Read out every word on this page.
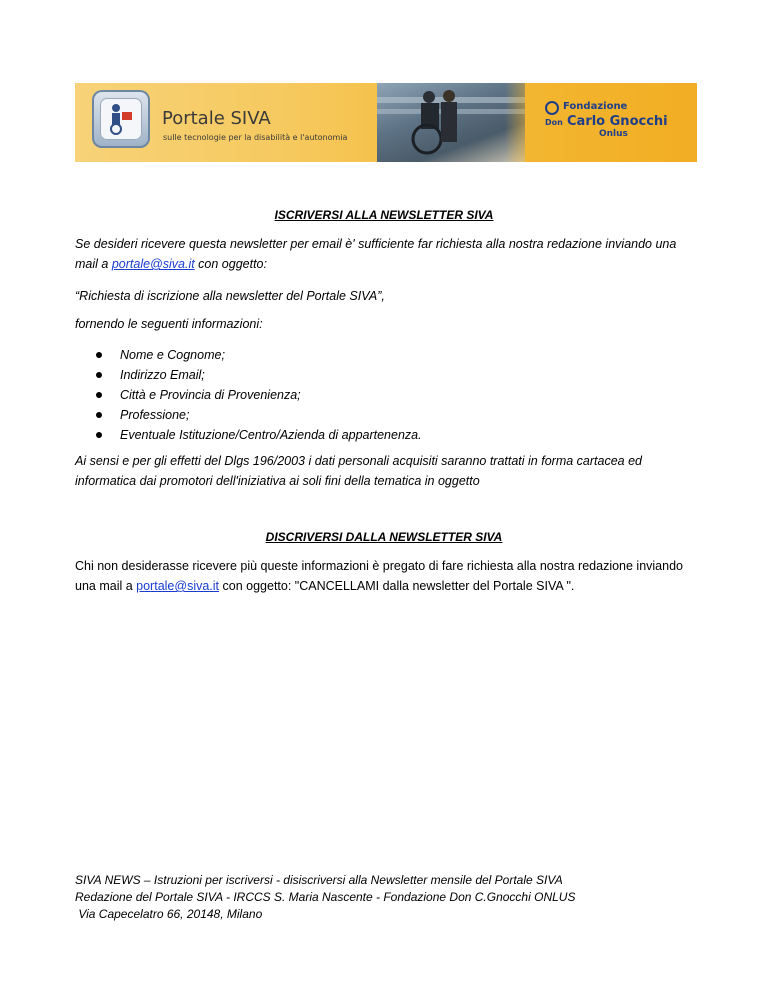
Portale SIVA
sulle tecnologie per la disabilità e l'autonomia
Fondazione
Don Carlo Gnocchi
Onlus
ISCRIVERSI ALLA NEWSLETTER SIVA
Se desideri ricevere questa newsletter per email è' sufficiente far richiesta alla nostra redazione inviando una mail a portale@siva.it con oggetto:
“Richiesta di iscrizione alla newsletter del Portale SIVA”,
fornendo le seguenti informazioni:
Nome e Cognome;
Indirizzo Email;
Città e Provincia di Provenienza;
Professione;
Eventuale Istituzione/Centro/Azienda di appartenenza.
Ai sensi e per gli effetti del Dlgs 196/2003 i dati personali acquisiti saranno trattati in forma cartacea ed informatica dai promotori dell'iniziativa ai soli fini della tematica in oggetto
DISCRIVERSI DALLA NEWSLETTER SIVA
Chi non desiderasse ricevere più queste informazioni è pregato di fare richiesta alla nostra redazione inviando una mail a portale@siva.it con oggetto: "CANCELLAMI dalla newsletter del Portale SIVA ".
SIVA NEWS – Istruzioni per iscriversi - disiscriversi alla Newsletter mensile del Portale SIVA
Redazione del Portale SIVA - IRCCS S. Maria Nascente - Fondazione Don C.Gnocchi ONLUS
Via Capecelatro 66, 20148, Milano
